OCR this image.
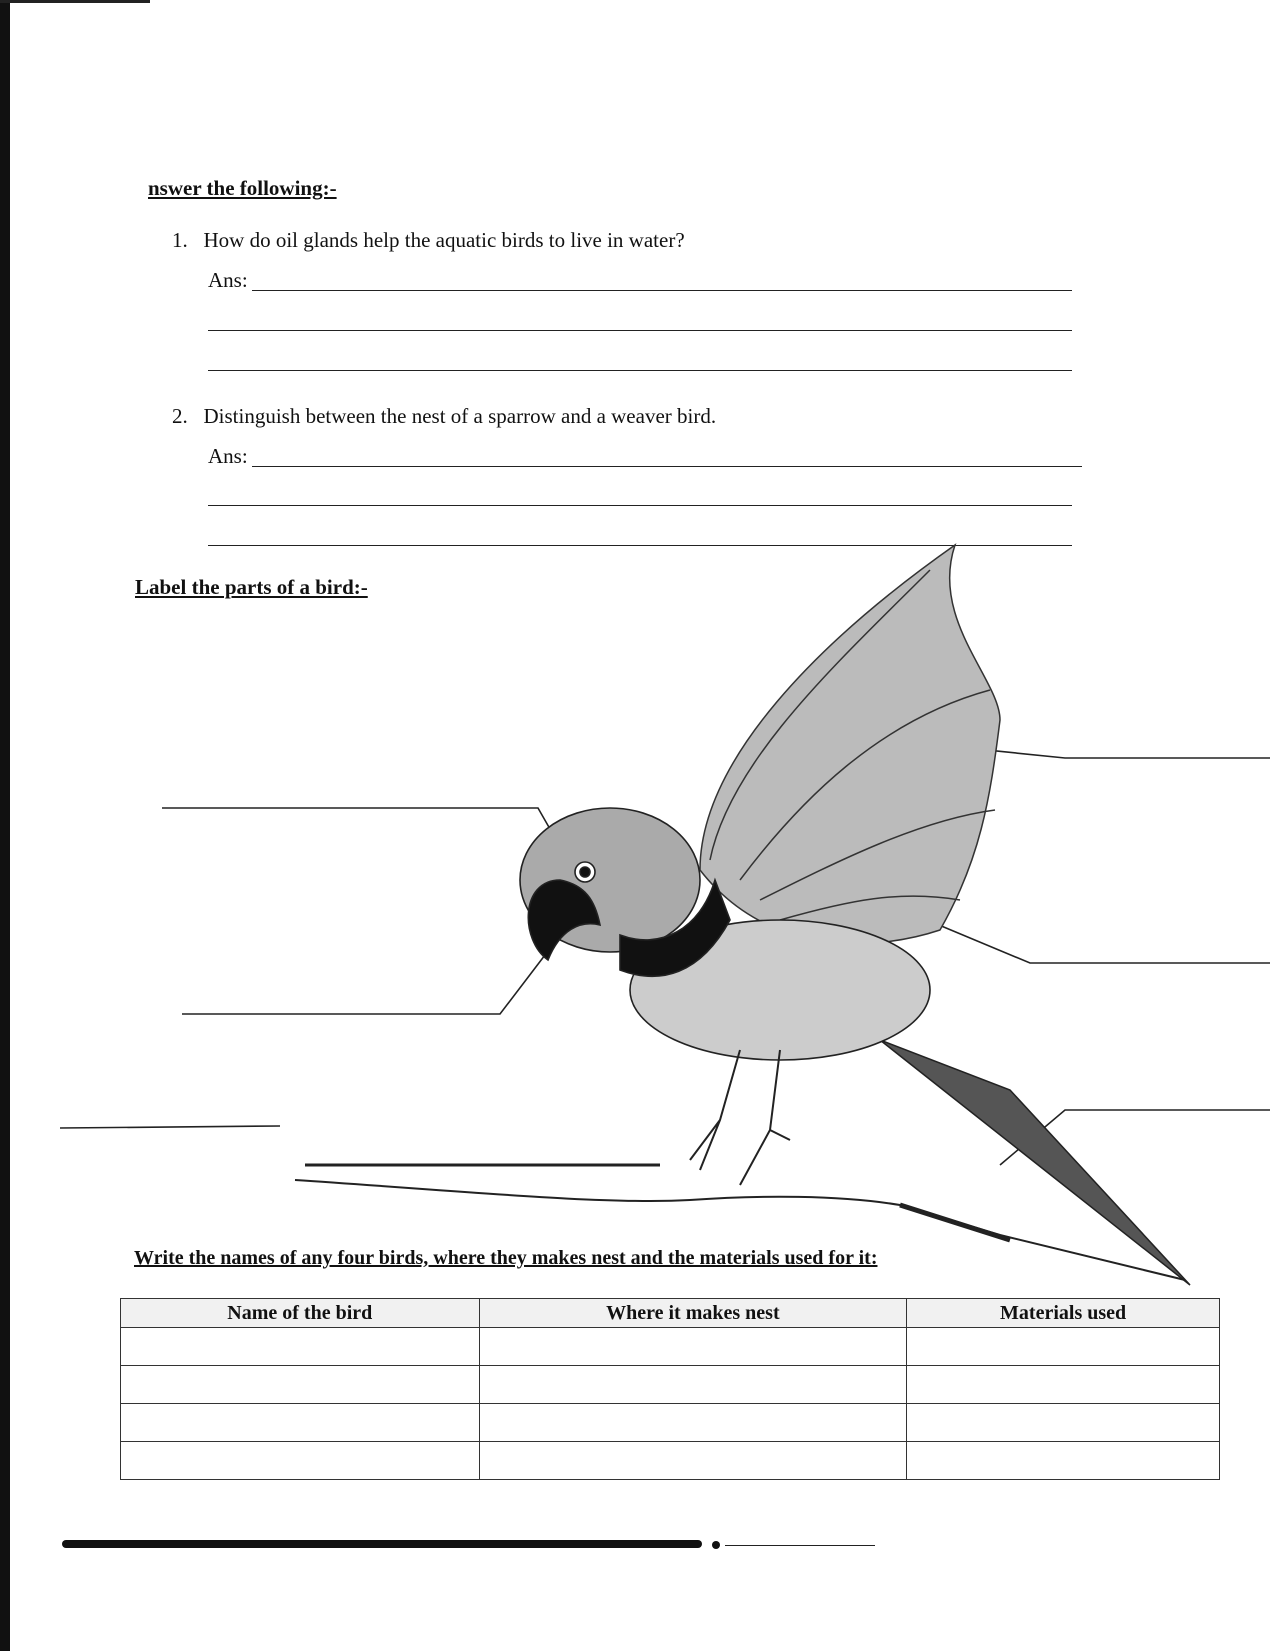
nswer the following:-
1. How do oil glands help the aquatic birds to live in water?
Ans:
2. Distinguish between the nest of a sparrow and a weaver bird.
Ans:
Label the parts of a bird:-
Write the names of any four birds, where they makes nest and the materials used for it:
Name of the bird	Where it makes nest	Materials used
